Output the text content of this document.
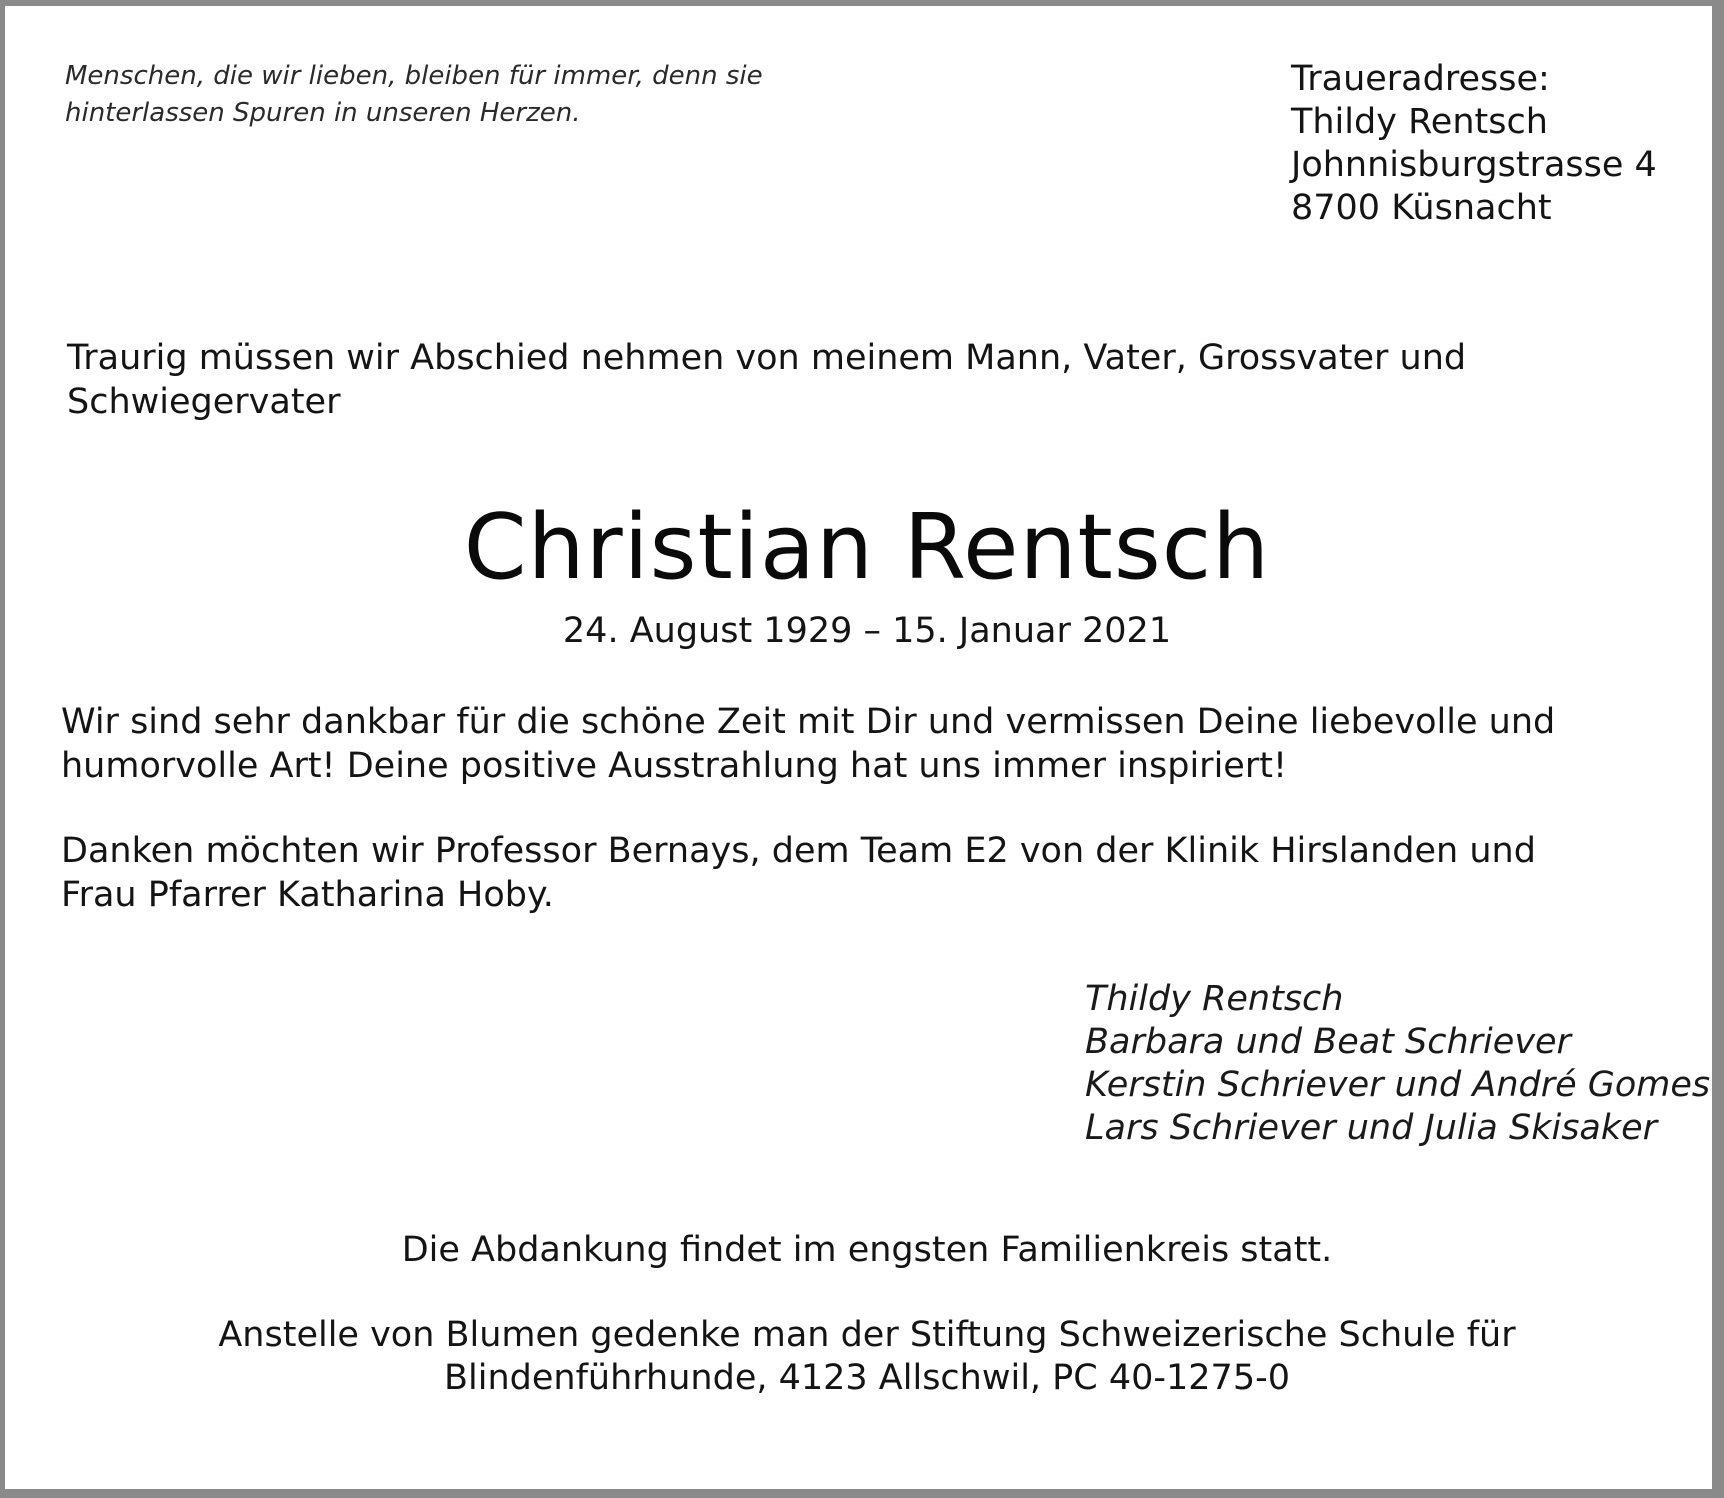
Menschen, die wir lieben, bleiben für immer, denn sie
hinterlassen Spuren in unseren Herzen.
Traueradresse:
Thildy Rentsch
Johnnisburgstrasse 4
8700 Küsnacht
Traurig müssen wir Abschied nehmen von meinem Mann, Vater, Grossvater und
Schwiegervater
Christian Rentsch
24. August 1929 – 15. Januar 2021
Wir sind sehr dankbar für die schöne Zeit mit Dir und vermissen Deine liebevolle und
humorvolle Art! Deine positive Ausstrahlung hat uns immer inspiriert!
Danken möchten wir Professor Bernays, dem Team E2 von der Klinik Hirslanden und
Frau Pfarrer Katharina Hoby.
Thildy Rentsch
Barbara und Beat Schriever
Kerstin Schriever und André Gomes
Lars Schriever und Julia Skisaker
Die Abdankung findet im engsten Familienkreis statt.
Anstelle von Blumen gedenke man der Stiftung Schweizerische Schule für
Blindenführhunde, 4123 Allschwil, PC 40-1275-0
